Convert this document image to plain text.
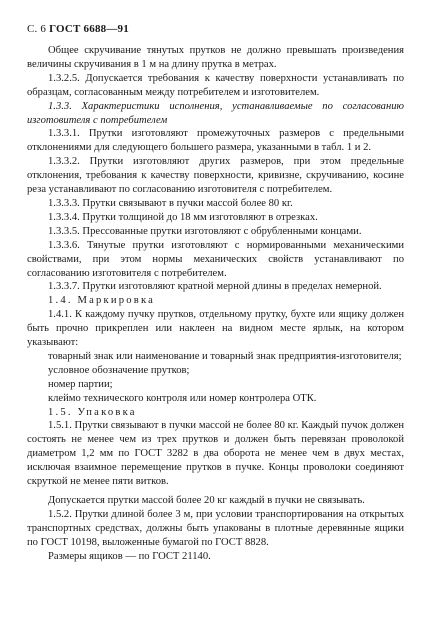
С. 6 ГОСТ 6688—91

Общее скручивание тянутых прутков не должно превышать произведения величины скручивания в 1 м на длину прутка в метрах.

1.3.2.5. Допускается требования к качеству поверхности устанавливать по образцам, согласованным между потребителем и изготовителем.

1.3.3. Характеристики исполнения, устанавливаемые по согласованию изготовителя с потребителем

1.3.3.1. Прутки изготовляют промежуточных размеров с предельными отклонениями для следующего большего размера, указанными в табл. 1 и 2.

1.3.3.2. Прутки изготовляют других размеров, при этом предельные отклонения, требования к качеству поверхности, кривизне, скручиванию, косине реза устанавливают по согласованию изготовителя с потребителем.

1.3.3.3. Прутки связывают в пучки массой более 80 кг.

1.3.3.4. Прутки толщиной до 18 мм изготовляют в отрезках.

1.3.3.5. Прессованные прутки изготовляют с обрубленными концами.

1.3.3.6. Тянутые прутки изготовляют с нормированными механическими свойствами, при этом нормы механических свойств устанавливают по согласованию изготовителя с потребителем.

1.3.3.7. Прутки изготовляют кратной мерной длины в пределах немерной.

1.4. Маркировка

1.4.1. К каждому пучку прутков, отдельному прутку, бухте или ящику должен быть прочно прикреплен или наклеен на видном месте ярлык, на котором указывают:

товарный знак или наименование и товарный знак предприятия-изготовителя;

условное обозначение прутков;

номер партии;

клеймо технического контроля или номер контролера ОТК.

1.5. Упаковка

1.5.1. Прутки связывают в пучки массой не более 80 кг. Каждый пучок должен состоять не менее чем из трех прутков и должен быть перевязан проволокой диаметром 1,2 мм по ГОСТ 3282 в два оборота не менее чем в двух местах, исключая взаимное перемещение прутков в пучке. Концы проволоки соединяют скруткой не менее пяти витков.

Допускается прутки массой более 20 кг каждый в пучки не связывать.

1.5.2. Прутки длиной более 3 м, при условии транспортирования на открытых транспортных средствах, должны быть упакованы в плотные деревянные ящики по ГОСТ 10198, выложенные бумагой по ГОСТ 8828.

Размеры ящиков — по ГОСТ 21140.
